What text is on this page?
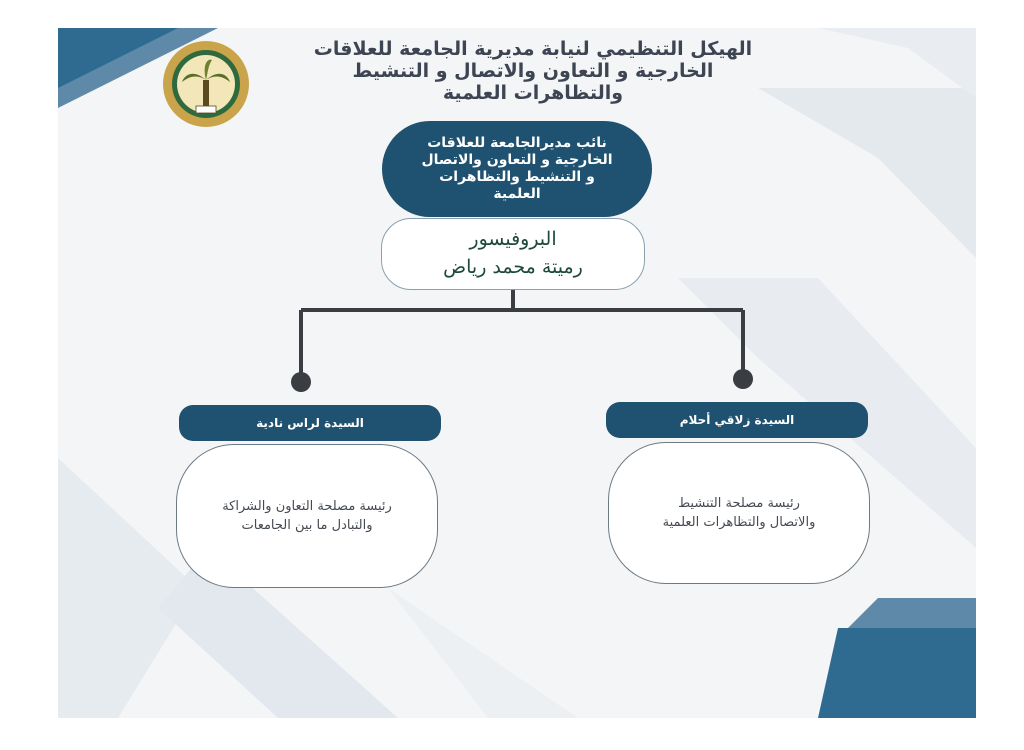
الهيكل التنظيمي لنيابة مديرية الجامعة للعلاقات
الخارجية و التعاون والاتصال و التنشيط
والتظاهرات العلمية
نائب مديرالجامعة للعلاقات
الخارجية و التعاون والاتصال
و التنشيط والتظاهرات
العلمية
البروفيسور
رميتة محمد رياض
السيدة زلاقي أحلام
رئيسة مصلحة التنشيط
والاتصال والتظاهرات العلمية
السيدة لراس نادية
رئيسة مصلحة التعاون والشراكة
والتبادل ما بين الجامعات
